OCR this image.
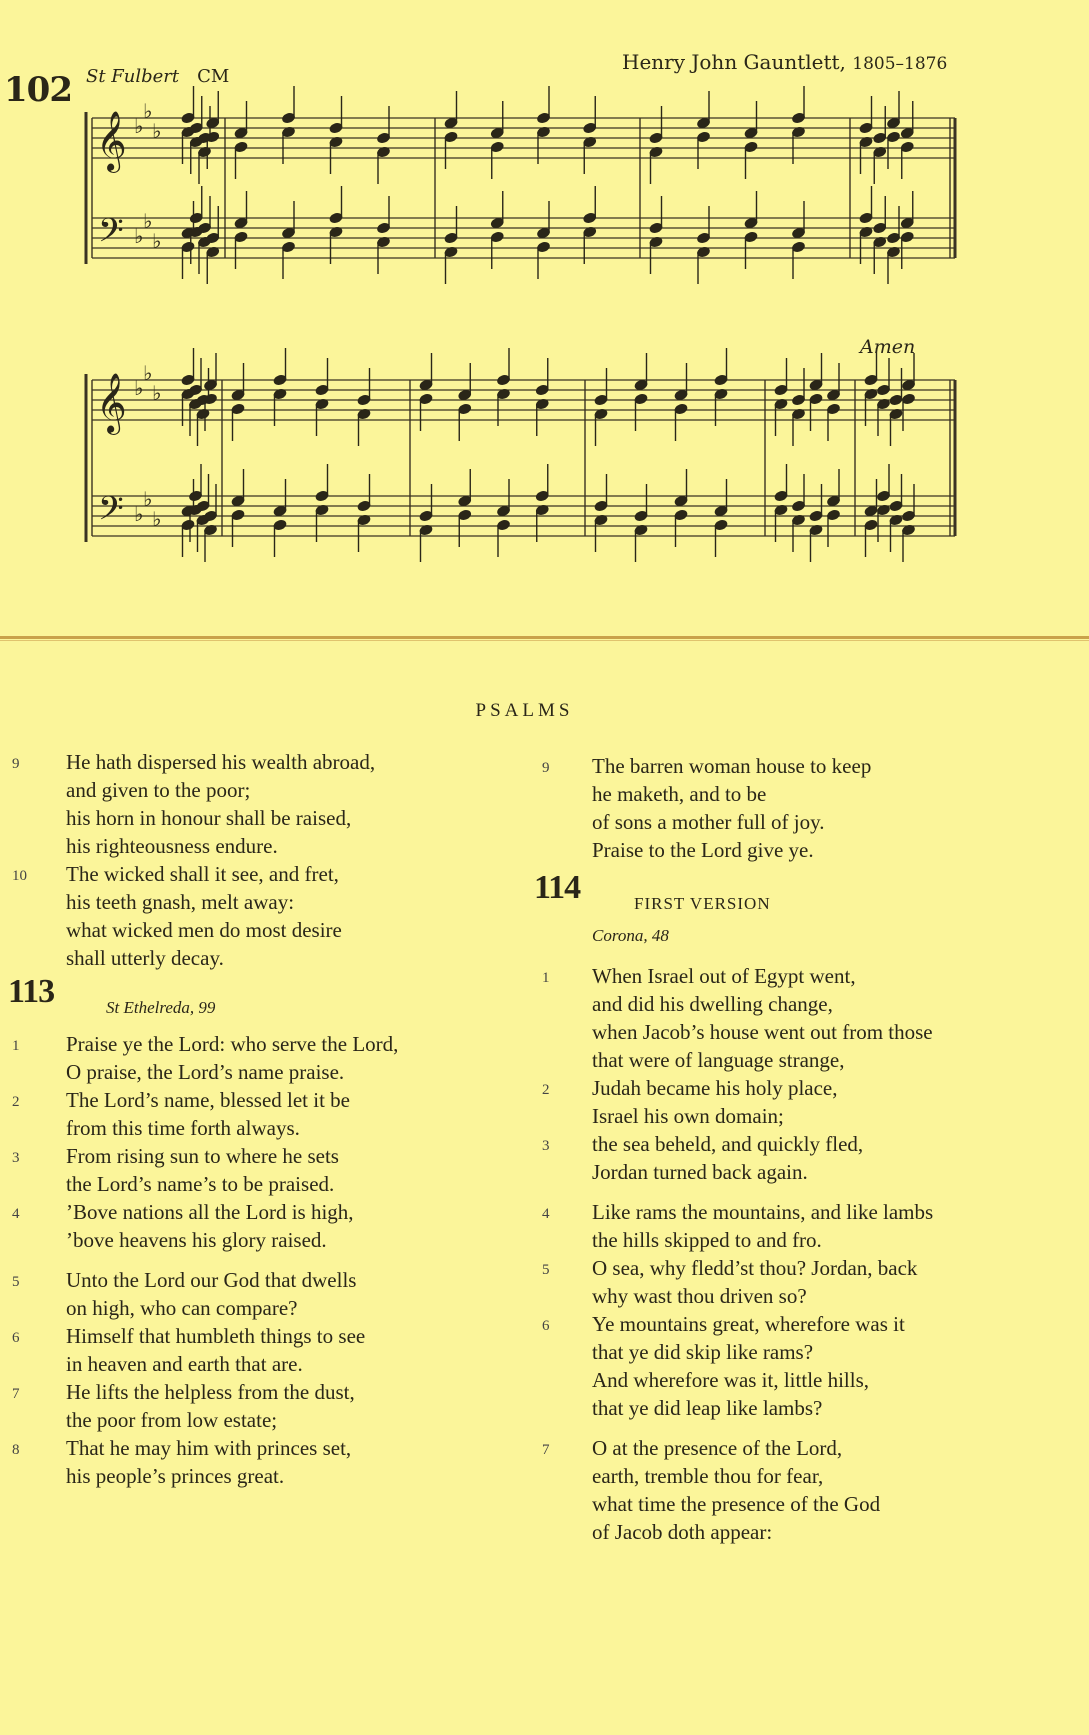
102 St Fulbert CM
Henry John Gauntlett, 1805–1876
Amen
𝄞
𝄢
♭
♭
♭
♭
♭
♭
𝄞
𝄢
♭
♭
♭
♭
♭
♭
PSALMS
9 He hath dispersed his wealth abroad,
and given to the poor;
his horn in honour shall be raised,
his righteousness endure.
10 The wicked shall it see, and fret,
his teeth gnash, melt away:
what wicked men do most desire
shall utterly decay.
113	St Ethelreda, 99
1 Praise ye the Lord: who serve the Lord,
O praise, the Lord’s name praise.
2 The Lord’s name, blessed let it be
from this time forth always.
3 From rising sun to where he sets
the Lord’s name’s to be praised.
4 ’Bove nations all the Lord is high,
’bove heavens his glory raised.
5 Unto the Lord our God that dwells
on high, who can compare?
6 Himself that humbleth things to see
in heaven and earth that are.
7 He lifts the helpless from the dust,
the poor from low estate;
8 That he may him with princes set,
his people’s princes great.
9 The barren woman house to keep
he maketh, and to be
of sons a mother full of joy.
Praise to the Lord give ye.
114	FIRST VERSION
Corona, 48
1 When Israel out of Egypt went,
and did his dwelling change,
when Jacob’s house went out from those
that were of language strange,
2 Judah became his holy place,
Israel his own domain;
3 the sea beheld, and quickly fled,
Jordan turned back again.
4 Like rams the mountains, and like lambs
the hills skipped to and fro.
5 O sea, why fledd’st thou? Jordan, back
why wast thou driven so?
6 Ye mountains great, wherefore was it
that ye did skip like rams?
And wherefore was it, little hills,
that ye did leap like lambs?
7 O at the presence of the Lord,
earth, tremble thou for fear,
what time the presence of the God
of Jacob doth appear:
